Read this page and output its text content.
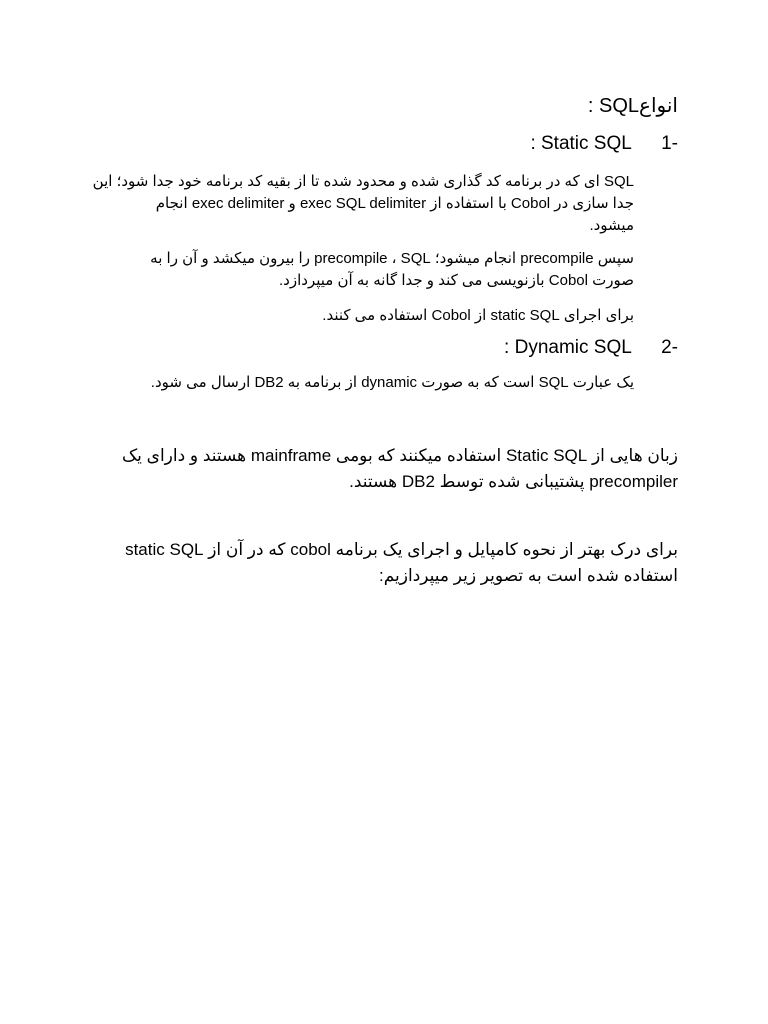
انواعSQL :
-1 : Static SQL
SQL ای که در برنامه کد گذاری شده و محدود شده تا از بقیه کد برنامه خود جدا شود؛ این
جدا سازی در Cobol با استفاده از exec SQL delimiter و exec delimiter انجام
میشود.
سپس precompile انجام میشود؛ precompile ، SQL را بیرون میکشد و آن را به
صورت Cobol بازنویسی می کند و جدا گانه به آن میپردازد.
برای اجرای static SQL از Cobol استفاده می کنند.
-2 : Dynamic SQL
یک عبارت SQL است که به صورت dynamic از برنامه به DB2 ارسال می شود.
زبان هایی از Static SQL استفاده میکنند که بومی mainframe هستند و دارای یک
precompiler پشتیبانی شده توسط DB2 هستند.
برای درک بهتر از نحوه کامپایل و اجرای یک برنامه cobol که در آن از static SQL
استفاده شده است به تصویر زیر میپردازیم:
